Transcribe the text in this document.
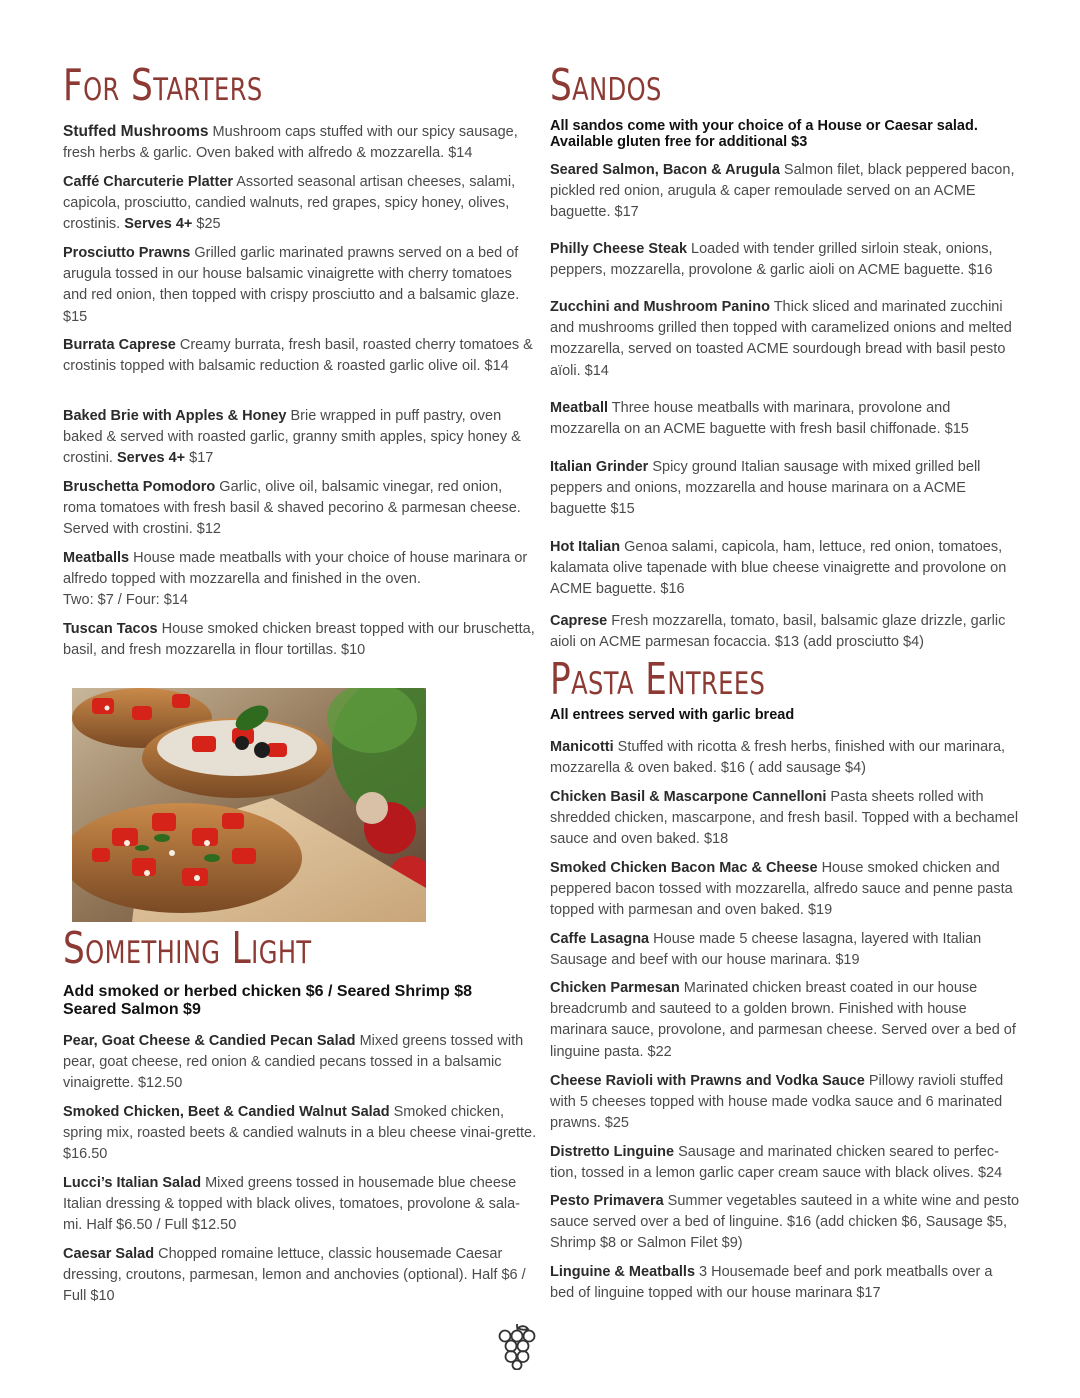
For Starters
Stuffed Mushrooms Mushroom caps stuffed with our spicy sausage, fresh herbs & garlic. Oven baked with alfredo & mozzarella. $14
Caffé Charcuterie Platter Assorted seasonal artisan cheeses, salami, capicola, prosciutto, candied walnuts, red grapes, spicy honey, olives, crostinis. Serves 4+ $25
Prosciutto Prawns Grilled garlic marinated prawns served on a bed of arugula tossed in our house balsamic vinaigrette with cherry tomatoes and red onion, then topped with crispy prosciutto and a balsamic glaze. $15
Burrata Caprese Creamy burrata, fresh basil, roasted cherry tomatoes & crostinis topped with balsamic reduction & roasted garlic olive oil. $14
Baked Brie with Apples & Honey Brie wrapped in puff pastry, oven baked & served with roasted garlic, granny smith apples, spicy honey & crostini. Serves 4+ $17
Bruschetta Pomodoro Garlic, olive oil, balsamic vinegar, red onion, roma tomatoes with fresh basil & shaved pecorino & parmesan cheese. Served with crostini. $12
Meatballs House made meatballs with your choice of house marinara or alfredo topped with mozzarella and finished in the oven.
Two: $7 / Four: $14
Tuscan Tacos House smoked chicken breast topped with our bruschetta, basil, and fresh mozzarella in flour tortillas. $10
Something Light
Add smoked or herbed chicken $6 / Seared Shrimp $8
Seared Salmon $9
Pear, Goat Cheese & Candied Pecan Salad Mixed greens tossed with pear, goat cheese, red onion & candied pecans tossed in a balsamic vinaigrette. $12.50
Smoked Chicken, Beet & Candied Walnut Salad Smoked chicken, spring mix, roasted beets & candied walnuts in a bleu cheese vinai-grette. $16.50
Lucci’s Italian Salad Mixed greens tossed in housemade blue cheese Italian dressing & topped with black olives, tomatoes, provolone & sala-mi. Half $6.50 / Full $12.50
Caesar Salad Chopped romaine lettuce, classic housemade Caesar dressing, croutons, parmesan, lemon and anchovies (optional). Half $6 / Full $10
Sandos
All sandos come with your choice of a House or Caesar salad.
Available gluten free for additional $3
Seared Salmon, Bacon & Arugula Salmon filet, black peppered bacon, pickled red onion, arugula & caper remoulade served on an ACME baguette. $17
Philly Cheese Steak Loaded with tender grilled sirloin steak, onions, peppers, mozzarella, provolone & garlic aioli on ACME baguette. $16
Zucchini and Mushroom Panino Thick sliced and marinated zucchini and mushrooms grilled then topped with caramelized onions and melted mozzarella, served on toasted ACME sourdough bread with basil pesto aïoli. $14
Meatball Three house meatballs with marinara, provolone and mozzarella on an ACME baguette with fresh basil chiffonade. $15
Italian Grinder Spicy ground Italian sausage with mixed grilled bell peppers and onions, mozzarella and house marinara on a ACME baguette $15
Hot Italian Genoa salami, capicola, ham, lettuce, red onion, tomatoes, kalamata olive tapenade with blue cheese vinaigrette and provolone on ACME baguette. $16
Caprese Fresh mozzarella, tomato, basil, balsamic glaze drizzle, garlic aioli on ACME parmesan focaccia. $13 (add prosciutto $4)
Pasta Entrees
All entrees served with garlic bread
Manicotti Stuffed with ricotta & fresh herbs, finished with our marinara, mozzarella & oven baked. $16 ( add sausage $4)
Chicken Basil & Mascarpone Cannelloni Pasta sheets rolled with shredded chicken, mascarpone, and fresh basil. Topped with a bechamel sauce and oven baked. $18
Smoked Chicken Bacon Mac & Cheese House smoked chicken and peppered bacon tossed with mozzarella, alfredo sauce and penne pasta topped with parmesan and oven baked. $19
Caffe Lasagna House made 5 cheese lasagna, layered with Italian Sausage and beef with our house marinara. $19
Chicken Parmesan Marinated chicken breast coated in our house breadcrumb and sauteed to a golden brown. Finished with house marinara sauce, provolone, and parmesan cheese. Served over a bed of linguine pasta. $22
Cheese Ravioli with Prawns and Vodka Sauce Pillowy ravioli stuffed with 5 cheeses topped with house made vodka sauce and 6 marinated prawns. $25
Distretto Linguine Sausage and marinated chicken seared to perfec-tion, tossed in a lemon garlic caper cream sauce with black olives. $24
Pesto Primavera Summer vegetables sauteed in a white wine and pesto sauce served over a bed of linguine. $16 (add chicken $6, Sausage $5, Shrimp $8 or Salmon Filet $9)
Linguine & Meatballs 3 Housemade beef and pork meatballs over a bed of linguine topped with our house marinara $17
